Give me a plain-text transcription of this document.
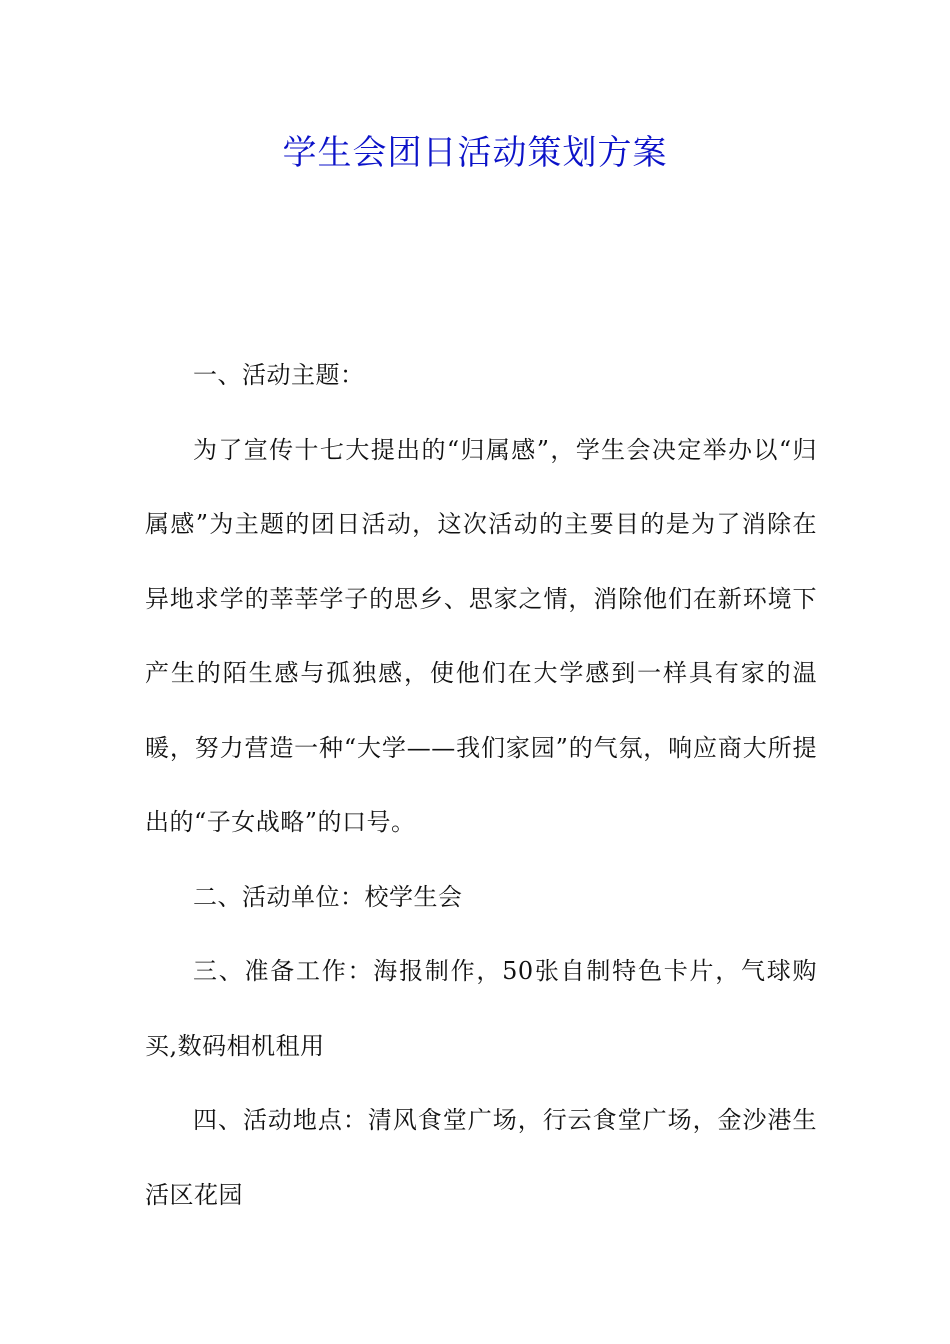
学生会团日活动策划方案

一、活动主题：

为了宣传十七大提出的“归属感”，学生会决定举办以“归属感”为主题的团日活动，这次活动的主要目的是为了消除在异地求学的莘莘学子的思乡、思家之情，消除他们在新环境下产生的陌生感与孤独感，使他们在大学感到一样具有家的温暖，努力营造一种“大学——我们家园”的气氛，响应商大所提出的“子女战略”的口号。

二、活动单位：校学生会

三、准备工作：海报制作，50张自制特色卡片，气球购买,数码相机租用

四、活动地点：清风食堂广场，行云食堂广场，金沙港生活区花园
